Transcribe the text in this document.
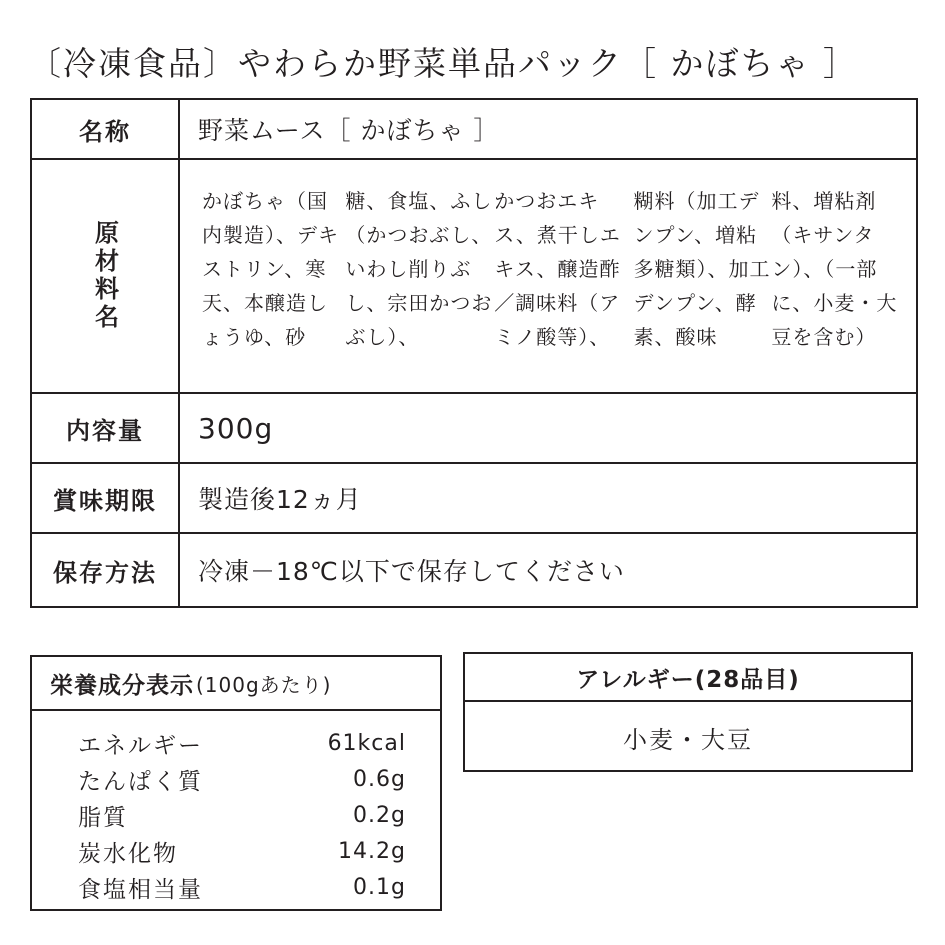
〔冷凍食品〕やわらか野菜単品パック［ かぼちゃ ］
名称	野菜ムース［ かぼちゃ ］
原材料名
かぼちゃ（国内製造）、デキストリン、寒天、本醸造しょうゆ、砂
糖、食塩、ふし（かつおぶし、いわし削りぶし、宗田かつおぶし）、
かつおエキス、煮干しエキス、醸造酢／調味料（アミノ酸等）、
糊料（加工デンプン、増粘多糖類）、加工デンプン、酵素、酸味
料、増粘剤（キサンタン）、（一部に、小麦・大豆を含む）
内容量	300g
賞味期限	製造後12ヵ月
保存方法	冷凍－18℃以下で保存してください
栄養成分表示 (100gあたり)
エネルギー	61kcal
たんぱく質	0.6g
脂質	0.2g
炭水化物	14.2g
食塩相当量	0.1g
アレルギー(28品目)
小麦・大豆
